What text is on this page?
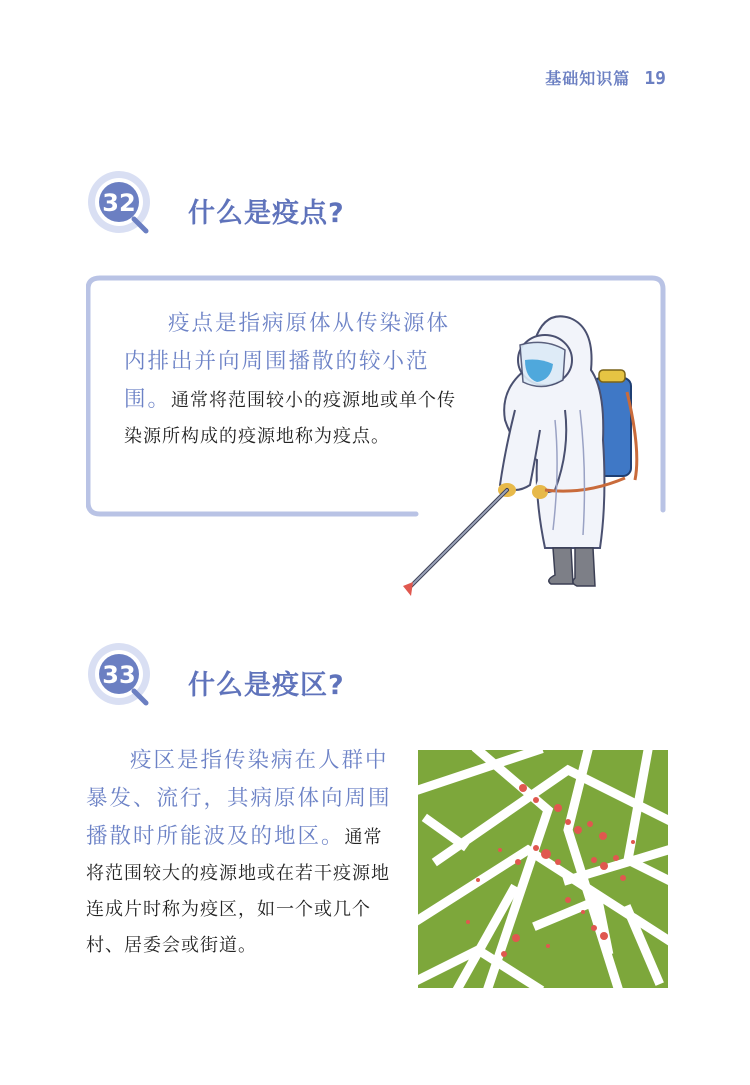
基础知识篇 19
32 什么是疫点?

疫点是指病原体从传染源体内排出并向周围播散的较小范围。通常将范围较小的疫源地或单个传染源所构成的疫源地称为疫点。

33 什么是疫区?

疫区是指传染病在人群中暴发、流行，其病原体向周围播散时所能波及的地区。通常将范围较大的疫源地或在若干疫源地连成片时称为疫区，如一个或几个村、居委会或街道。
